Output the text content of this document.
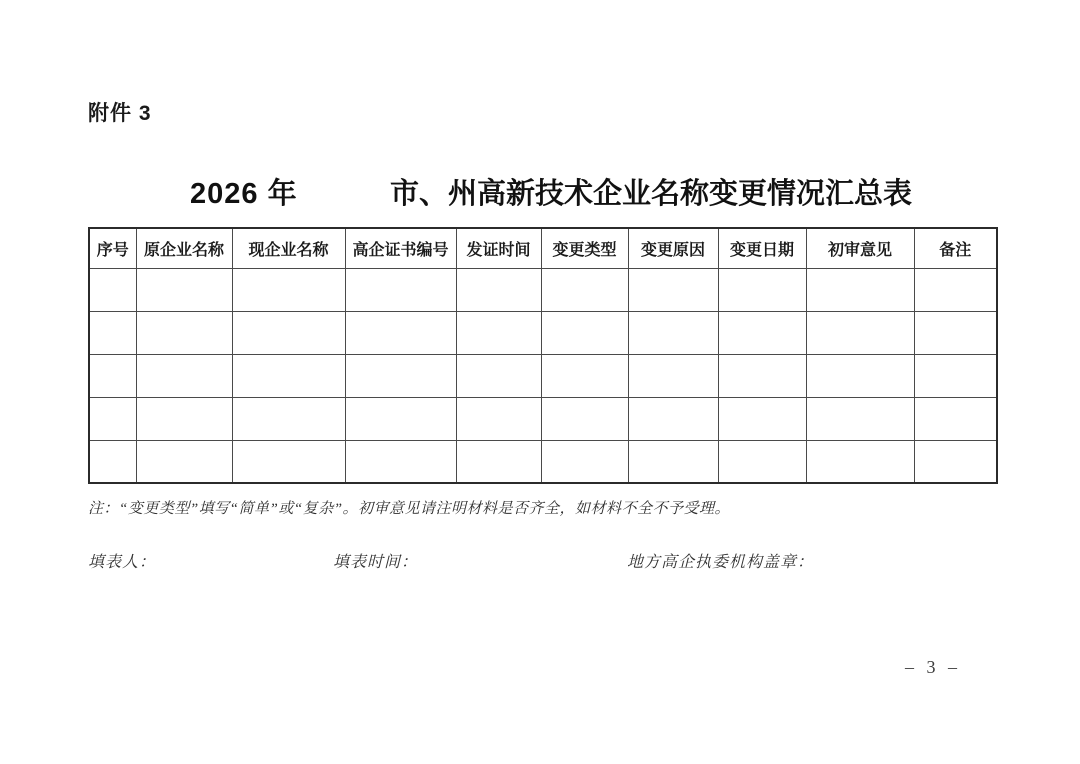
附件 3
2026 年	市、州高新技术企业名称变更情况汇总表
序号	原企业名称	现企业名称	高企证书编号	发证时间	变更类型	变更原因	变更日期	初审意见	备注

注：“变更类型”填写“简单”或“复杂”。初审意见请注明材料是否齐全，如材料不全不予受理。
填表人：	填表时间：	地方高企执委机构盖章：
– 3 –
